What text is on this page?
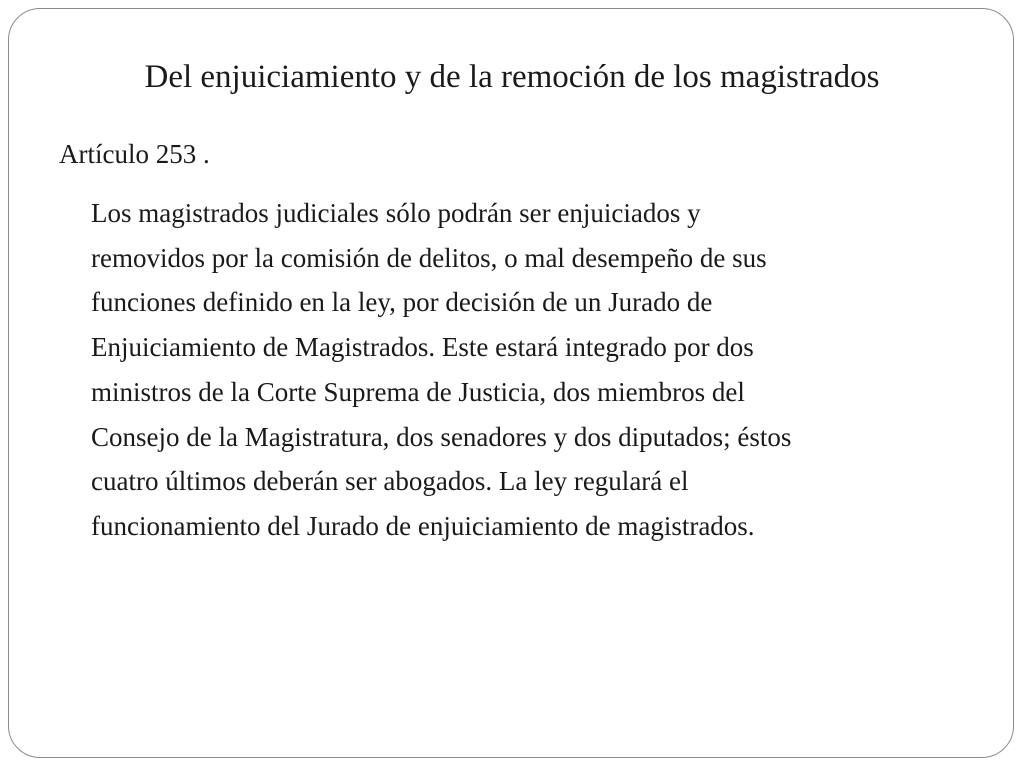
Del enjuiciamiento y de la remoción de los magistrados

Artículo 253 .

Los magistrados judiciales sólo podrán ser enjuiciados y
removidos por la comisión de delitos, o mal desempeño de sus
funciones definido en la ley, por decisión de un Jurado de
Enjuiciamiento de Magistrados. Este estará integrado por dos
ministros de la Corte Suprema de Justicia, dos miembros del
Consejo de la Magistratura, dos senadores y dos diputados; éstos
cuatro últimos deberán ser abogados. La ley regulará el
funcionamiento del Jurado de enjuiciamiento de magistrados.
